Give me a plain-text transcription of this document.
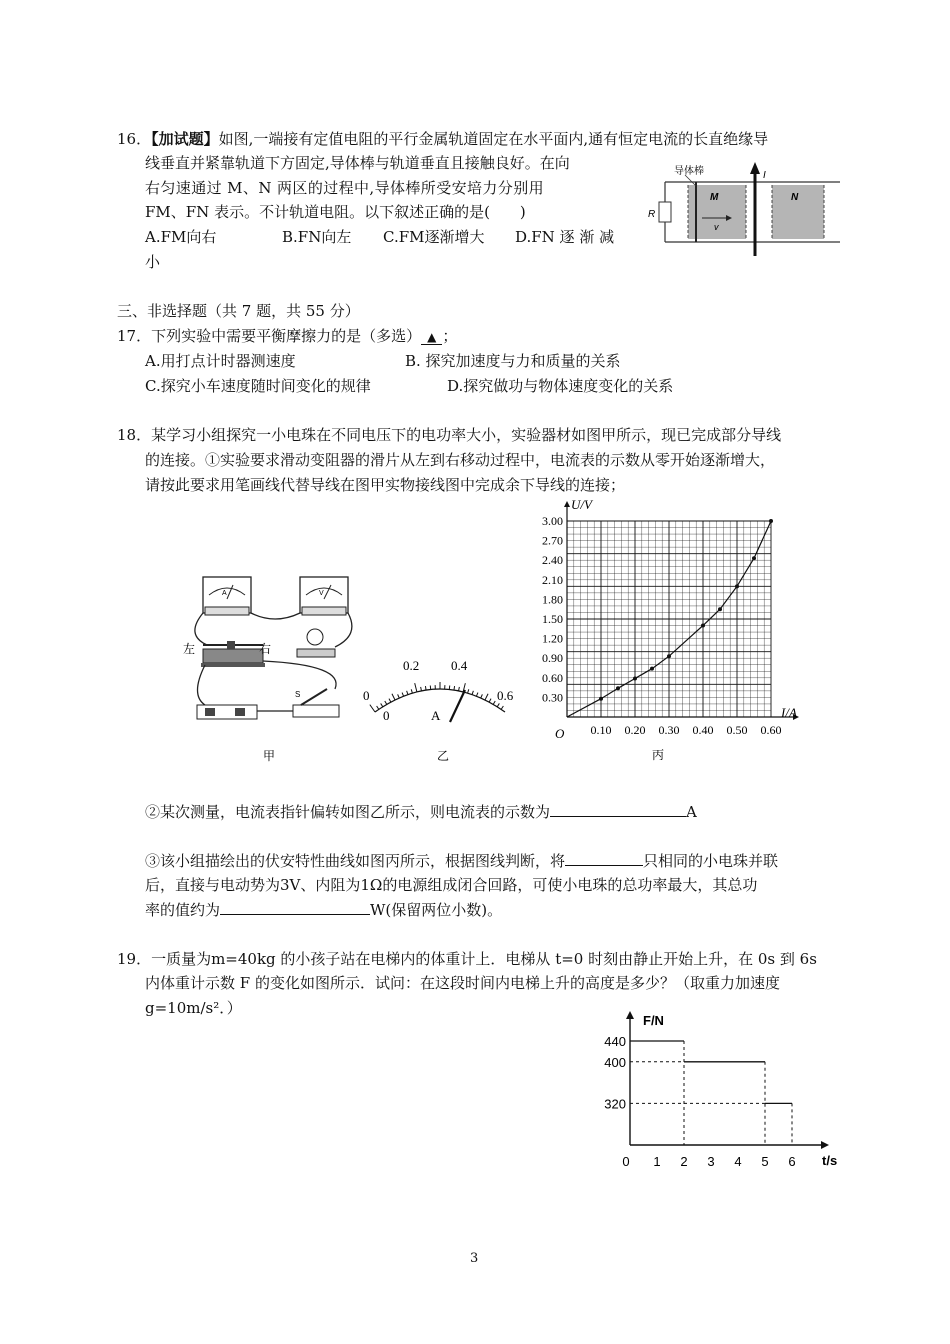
16．【加试题】如图,一端接有定值电阻的平行金属轨道固定在水平面内,通有恒定电流的长直绝缘导
线垂直并紧靠轨道下方固定,导体棒与轨道垂直且接触良好。在向
右匀速通过 M、N 两区的过程中,导体棒所受安培力分别用
FM、FN 表示。不计轨道电阻。以下叙述正确的是(　　)
A.FM向右	B.FN向左 C.FM逐渐增大 D.FN 逐 渐 减
小
R
导体棒
M
v
I
N
三、非选择题（共 7 题，共 55 分）
17．下列实验中需要平衡摩擦力的是（多选） ▲ ；
A.用打点计时器测速度	B. 探究加速度与力和质量的关系
C.探究小车速度随时间变化的规律	D.探究做功与物体速度变化的关系
18．某学习小组探究一小电珠在不同电压下的电功率大小，实验器材如图甲所示，现已完成部分导线
的连接。①实验要求滑动变阻器的滑片从左到右移动过程中，电流表的示数从零开始逐渐增大，
请按此要求用笔画线代替导线在图甲实物接线图中完成余下导线的连接；
A	V
左	右
S
甲
0
0.2 0.4
0.6
0	A
乙
0.30
0.60
0.90
1.20
1.50
1.80
2.10
2.40
2.70
3.00
0.10 0.20 0.30 0.40 0.50 0.60
O
U/V
I/A
丙
②某次测量，电流表指针偏转如图乙所示，则电流表的示数为	A
③该小组描绘出的伏安特性曲线如图丙所示，根据图线判断，将	只相同的小电珠并联
后，直接与电动势为3V、内阻为1Ω的电源组成闭合回路，可使小电珠的总功率最大，其总功
率的值约为	W(保留两位小数)。
19．一质量为m=40kg 的小孩子站在电梯内的体重计上．电梯从 t=0 时刻由静止开始上升，在 0s 到 6s
内体重计示数 F 的变化如图所示．试问：在这段时间内电梯上升的高度是多少？（取重力加速度
g=10m/s²．）
320
400
440
0 1 2 3 4 5 6
F/N
t/s
3
